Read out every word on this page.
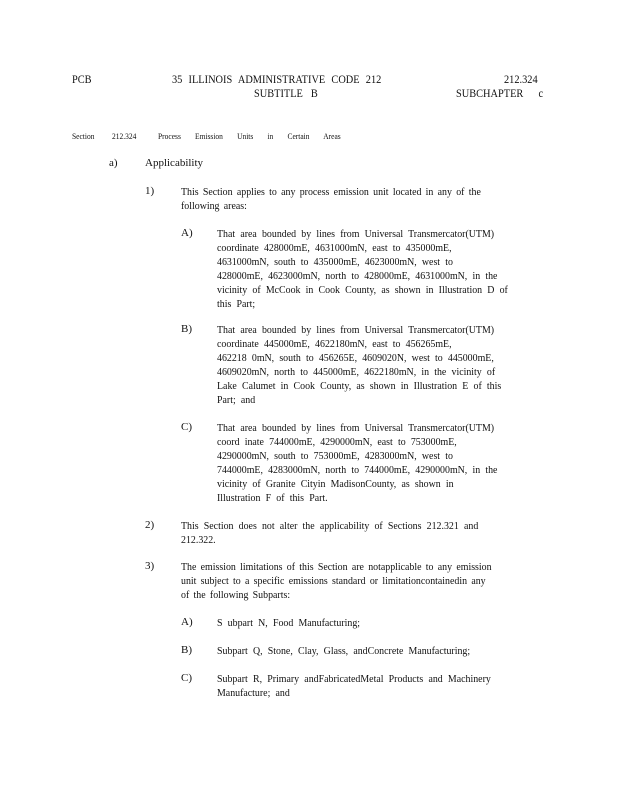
PCB	35 ILLINOIS ADMINISTRATIVE CODE 212
SUBTITLE B
212.324
SUBCHAPTER c
Section 212.324	Process Emission Units in Certain Areas
a) Applicability
1) This Section applies to any process emission unit located in any of the
following areas:
A) That area bounded by lines from Universal Transmercator(UTM)
coordinate 428000mE, 4631000mN, east to 435000mE,
4631000mN, south to 435000mE, 4623000mN, west to
428000mE, 4623000mN, north to 428000mE, 4631000mN, in the
vicinity of McCook in Cook County, as shown in Illustration D of
this Part;
B) That area bounded by lines from Universal Transmercator(UTM)
coordinate 445000mE, 4622180mN, east to 456265mE,
462218 0mN, south to 456265E, 4609020N, west to 445000mE,
4609020mN, north to 445000mE, 4622180mN, in the vicinity of
Lake Calumet in Cook County, as shown in Illustration E of this
Part; and
C) That area bounded by lines from Universal Transmercator(UTM)
coord inate 744000mE, 4290000mN, east to 753000mE,
4290000mN, south to 753000mE, 4283000mN, west to
744000mE, 4283000mN, north to 744000mE, 4290000mN, in the
vicinity of Granite Cityin MadisonCounty, as shown in
Illustration F of this Part.
2) This Section does not alter the applicability of Sections 212.321 and
212.322.
3) The emission limitations of this Section are notapplicable to any emission
unit subject to a specific emissions standard or limitationcontainedin any
of the following Subparts:
A) S ubpart N, Food Manufacturing;
B) Subpart Q, Stone, Clay, Glass, andConcrete Manufacturing;
C) Subpart R, Primary andFabricatedMetal Products and Machinery
Manufacture; and
